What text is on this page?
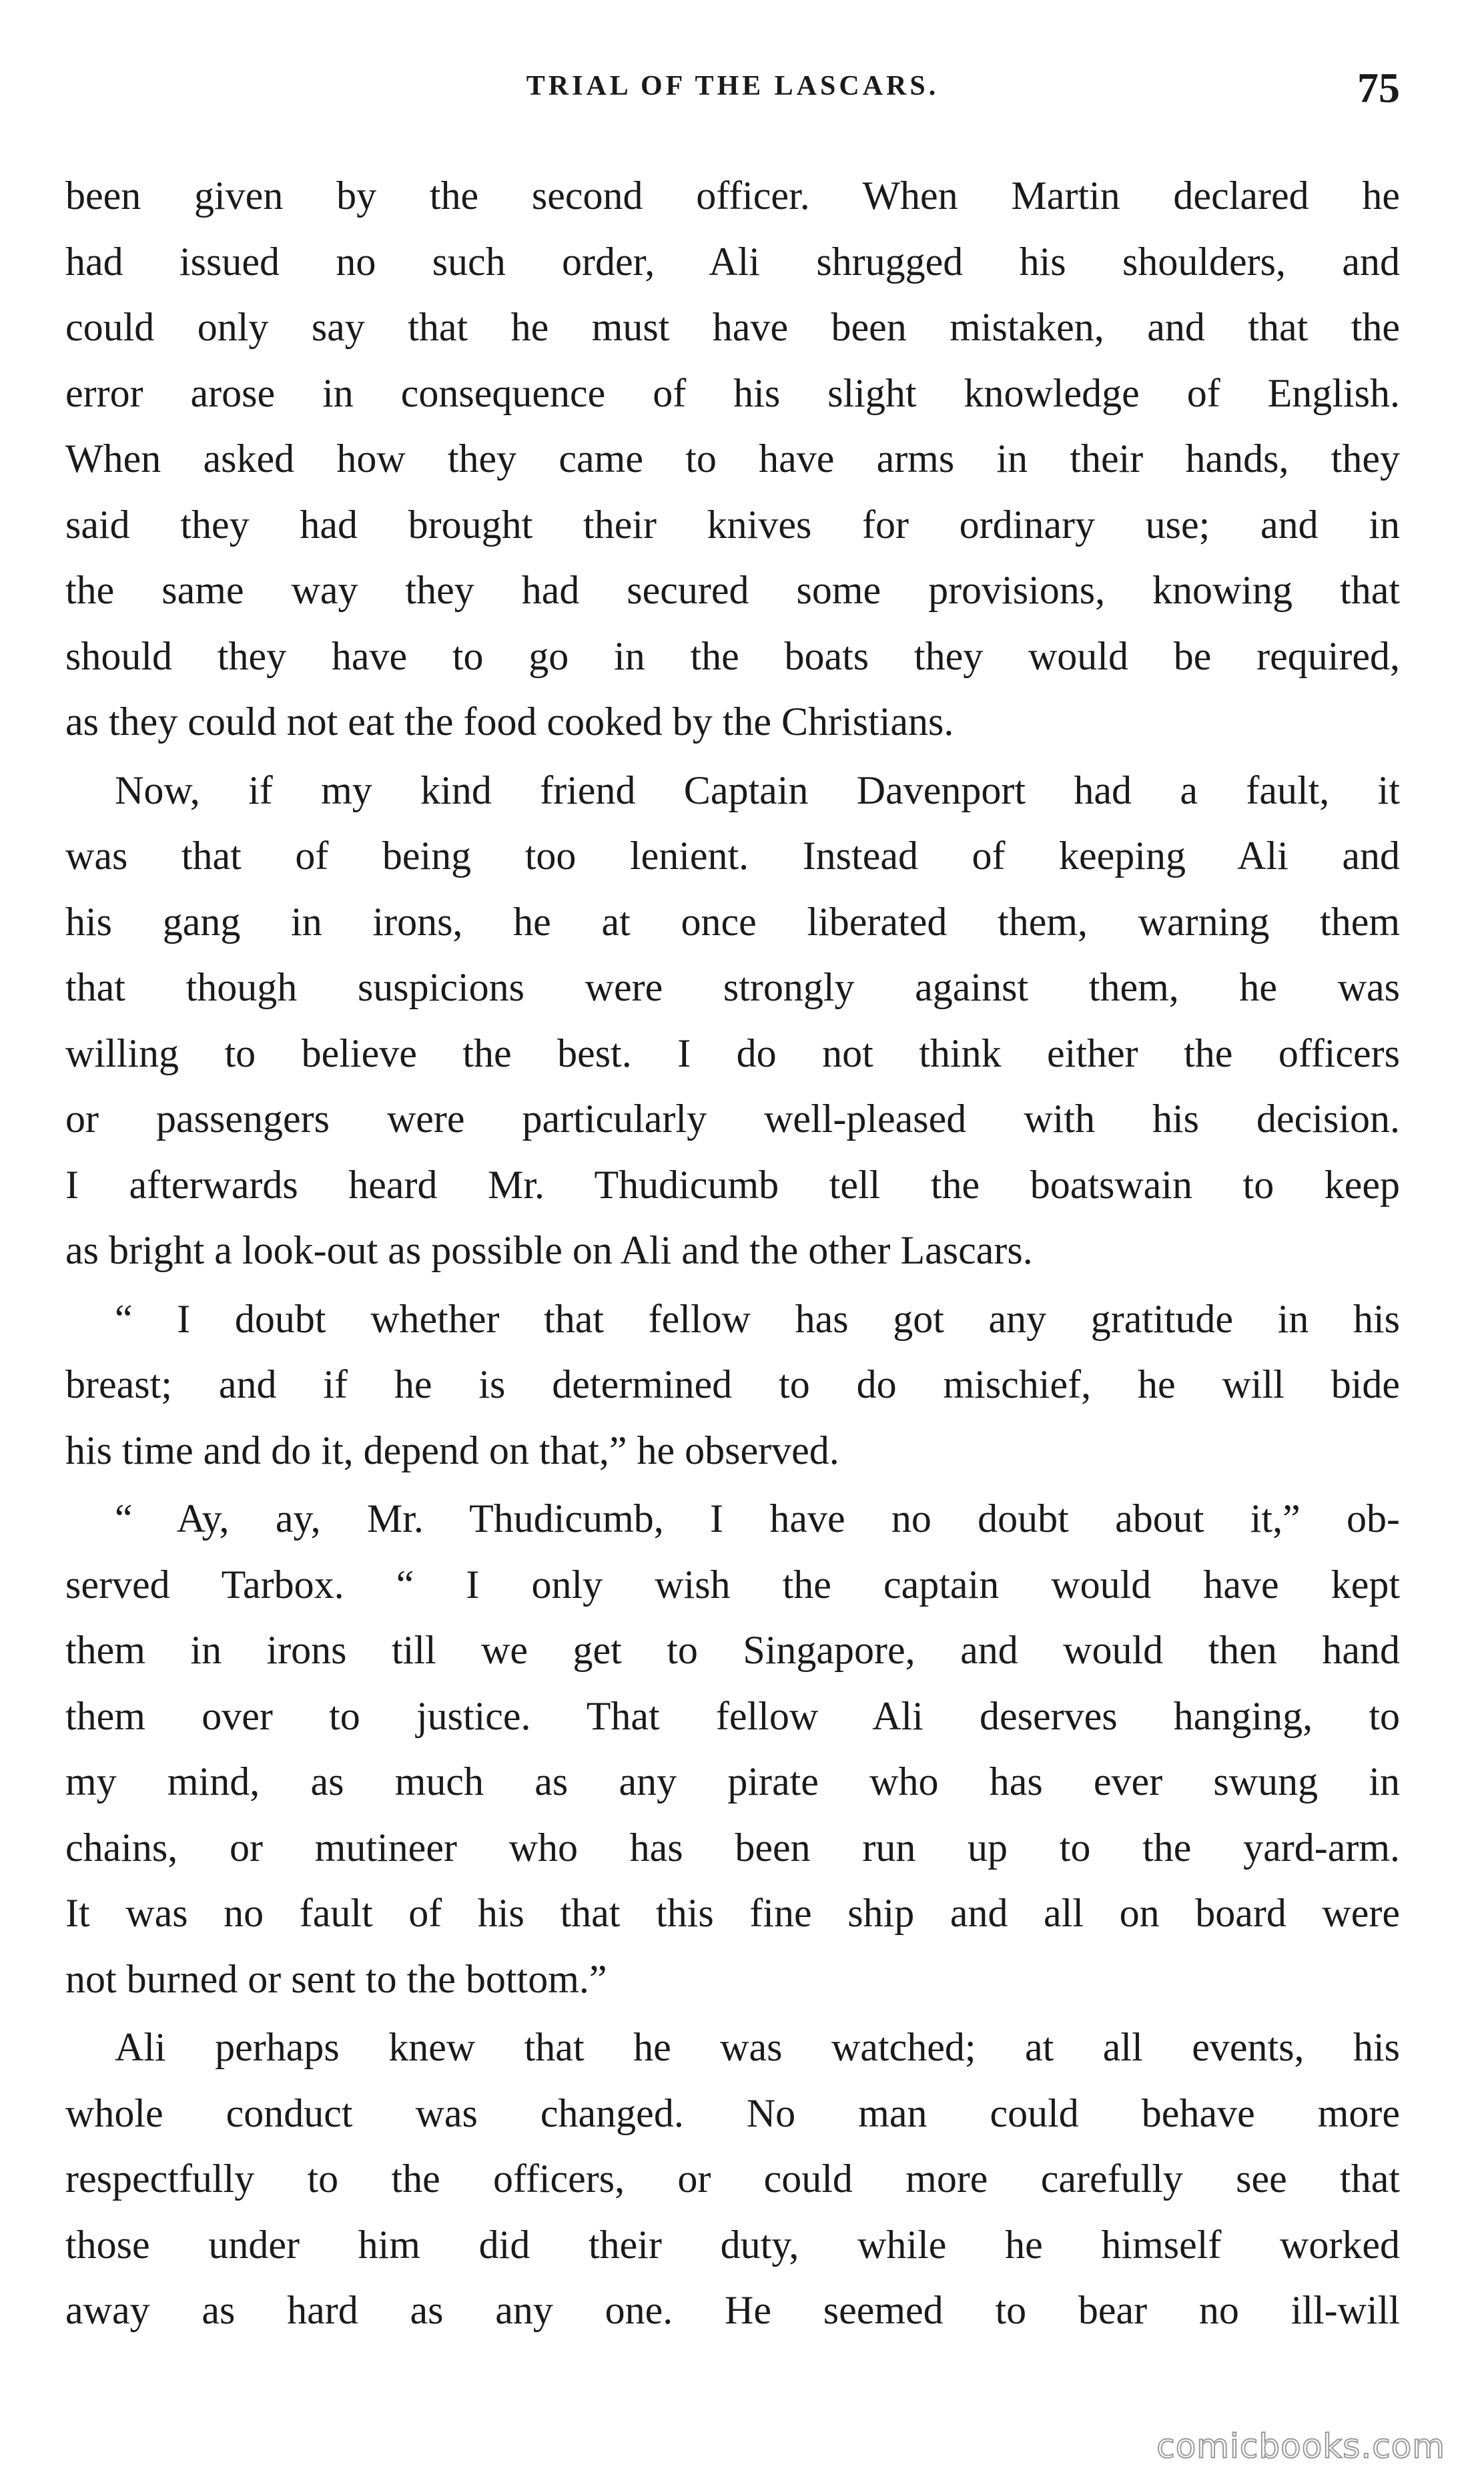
TRIAL OF THE LASCARS.	75

been given by the second officer. When Martin declared he
had issued no such order, Ali shrugged his shoulders, and
could only say that he must have been mistaken, and that the
error arose in consequence of his slight knowledge of English.
When asked how they came to have arms in their hands, they
said they had brought their knives for ordinary use; and in
the same way they had secured some provisions, knowing that
should they have to go in the boats they would be required,
as they could not eat the food cooked by the Christians.

Now, if my kind friend Captain Davenport had a fault, it
was that of being too lenient. Instead of keeping Ali and
his gang in irons, he at once liberated them, warning them
that though suspicions were strongly against them, he was
willing to believe the best. I do not think either the officers
or passengers were particularly well-pleased with his decision.
I afterwards heard Mr. Thudicumb tell the boatswain to keep
as bright a look-out as possible on Ali and the other Lascars.

“ I doubt whether that fellow has got any gratitude in his
breast; and if he is determined to do mischief, he will bide
his time and do it, depend on that,” he observed.

“ Ay, ay, Mr. Thudicumb, I have no doubt about it,” ob-
served Tarbox. “ I only wish the captain would have kept
them in irons till we get to Singapore, and would then hand
them over to justice. That fellow Ali deserves hanging, to
my mind, as much as any pirate who has ever swung in
chains, or mutineer who has been run up to the yard-arm.
It was no fault of his that this fine ship and all on board were
not burned or sent to the bottom.”

Ali perhaps knew that he was watched; at all events, his
whole conduct was changed. No man could behave more
respectfully to the officers, or could more carefully see that
those under him did their duty, while he himself worked
away as hard as any one. He seemed to bear no ill-will

comicbooks.com
